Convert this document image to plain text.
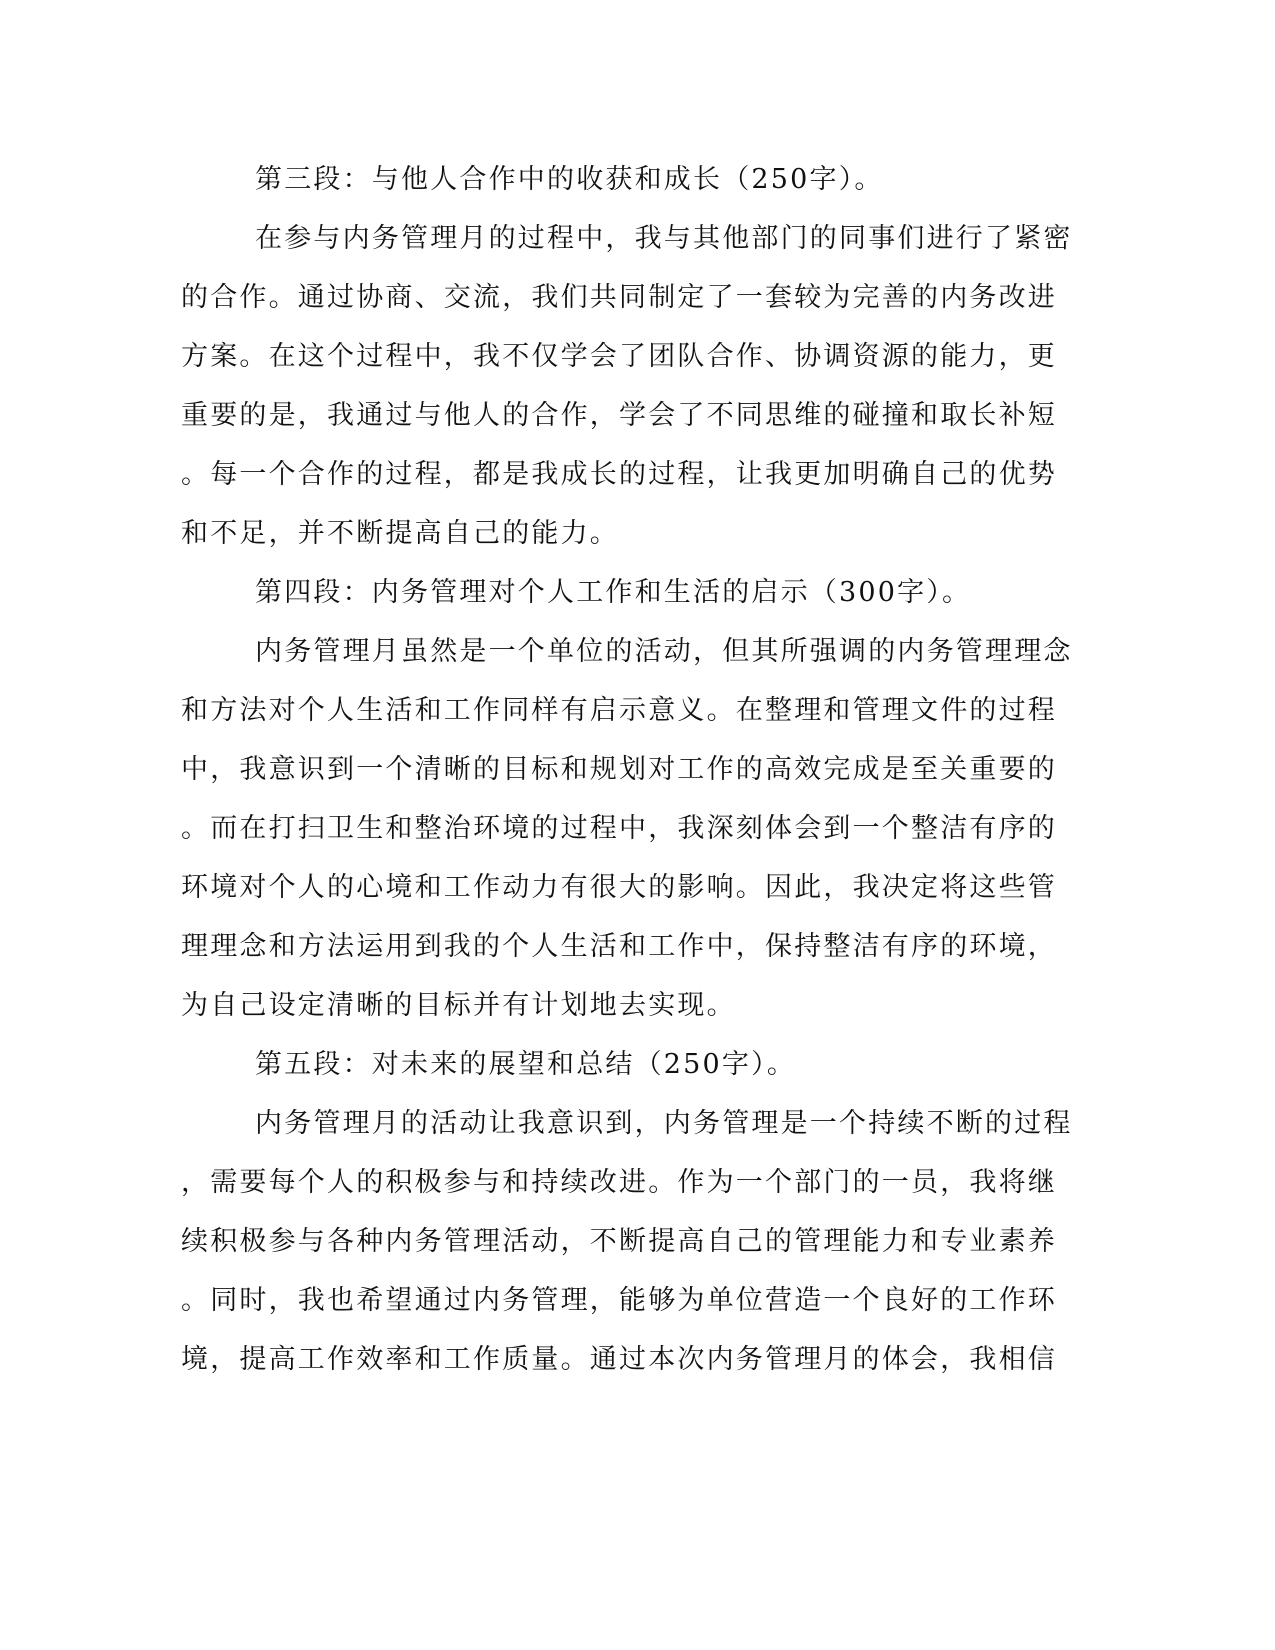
第三段：与他人合作中的收获和成长（250字）。
在参与内务管理月的过程中，我与其他部门的同事们进行了紧密
的合作。通过协商、交流，我们共同制定了一套较为完善的内务改进
方案。在这个过程中，我不仅学会了团队合作、协调资源的能力，更
重要的是，我通过与他人的合作，学会了不同思维的碰撞和取长补短
。每一个合作的过程，都是我成长的过程，让我更加明确自己的优势
和不足，并不断提高自己的能力。
第四段：内务管理对个人工作和生活的启示（300字）。
内务管理月虽然是一个单位的活动，但其所强调的内务管理理念
和方法对个人生活和工作同样有启示意义。在整理和管理文件的过程
中，我意识到一个清晰的目标和规划对工作的高效完成是至关重要的
。而在打扫卫生和整治环境的过程中，我深刻体会到一个整洁有序的
环境对个人的心境和工作动力有很大的影响。因此，我决定将这些管
理理念和方法运用到我的个人生活和工作中，保持整洁有序的环境，
为自己设定清晰的目标并有计划地去实现。
第五段：对未来的展望和总结（250字）。
内务管理月的活动让我意识到，内务管理是一个持续不断的过程
，需要每个人的积极参与和持续改进。作为一个部门的一员，我将继
续积极参与各种内务管理活动，不断提高自己的管理能力和专业素养
。同时，我也希望通过内务管理，能够为单位营造一个良好的工作环
境，提高工作效率和工作质量。通过本次内务管理月的体会，我相信
